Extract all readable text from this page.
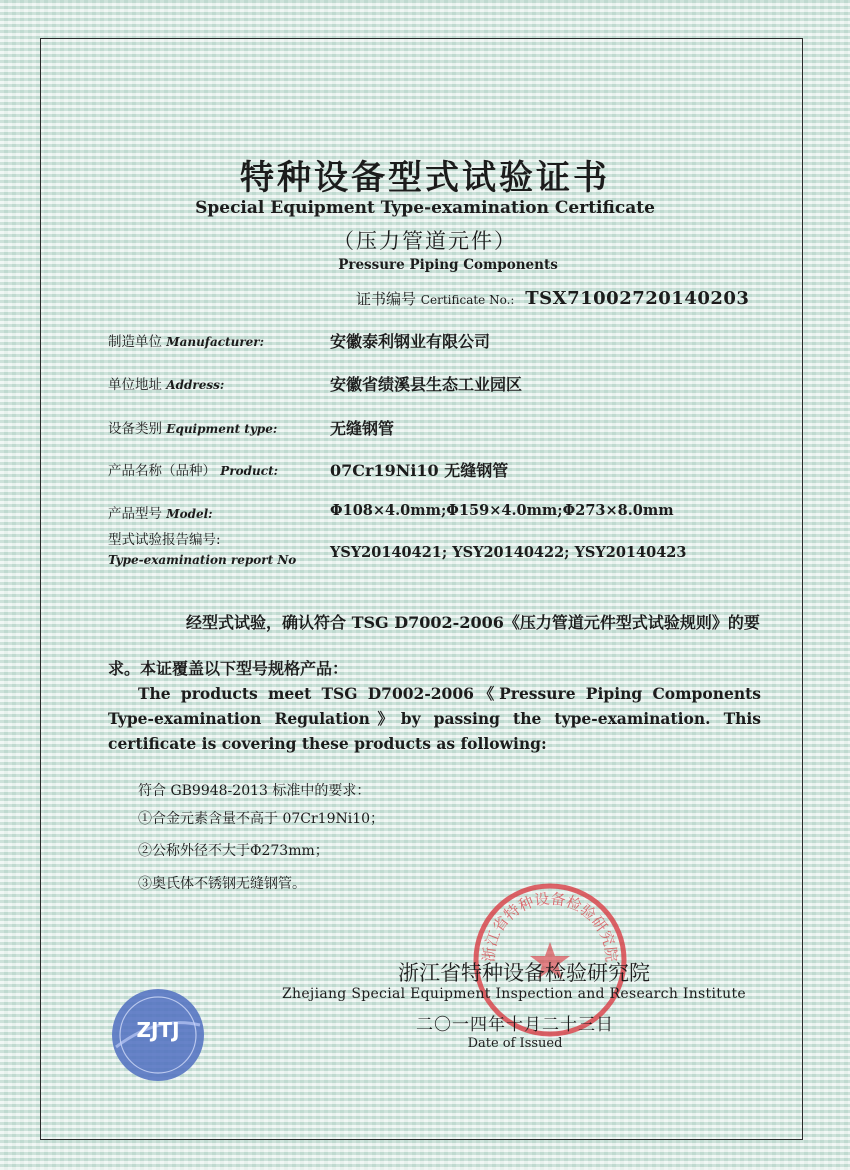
特种设备型式试验证书
Special Equipment Type-examination Certificate
（压力管道元件）
Pressure Piping Components
证书编号 Certificate No.: TSX71002720140203
制造单位 Manufacturer:	安徽泰利钢业有限公司
单位地址 Address:	安徽省绩溪县生态工业园区
设备类别 Equipment type:	无缝钢管
产品名称（品种） Product:	07Cr19Ni10 无缝钢管
产品型号 Model:	Φ108×4.0mm;Φ159×4.0mm;Φ273×8.0mm
型式试验报告编号:
Type-examination report No YSY20140421; YSY20140422; YSY20140423
经型式试验，确认符合 TSG D7002-2006《压力管道元件型式试验规则》的要求。本证覆盖以下型号规格产品：
The products meet TSG D7002-2006《Pressure Piping Components Type-examination Regulation》by passing the type-examination. This certificate is covering these products as following:
符合 GB9948-2013 标准中的要求：
①合金元素含量不高于 07Cr19Ni10；
②公称外径不大于Φ273mm；
③奥氏体不锈钢无缝钢管。
浙江省特种设备检验研究院
浙江省特种设备检验研究院
Zhejiang Special Equipment Inspection and Research Institute
二〇一四年十月二十三日
Date of Issued
ZJTJ
